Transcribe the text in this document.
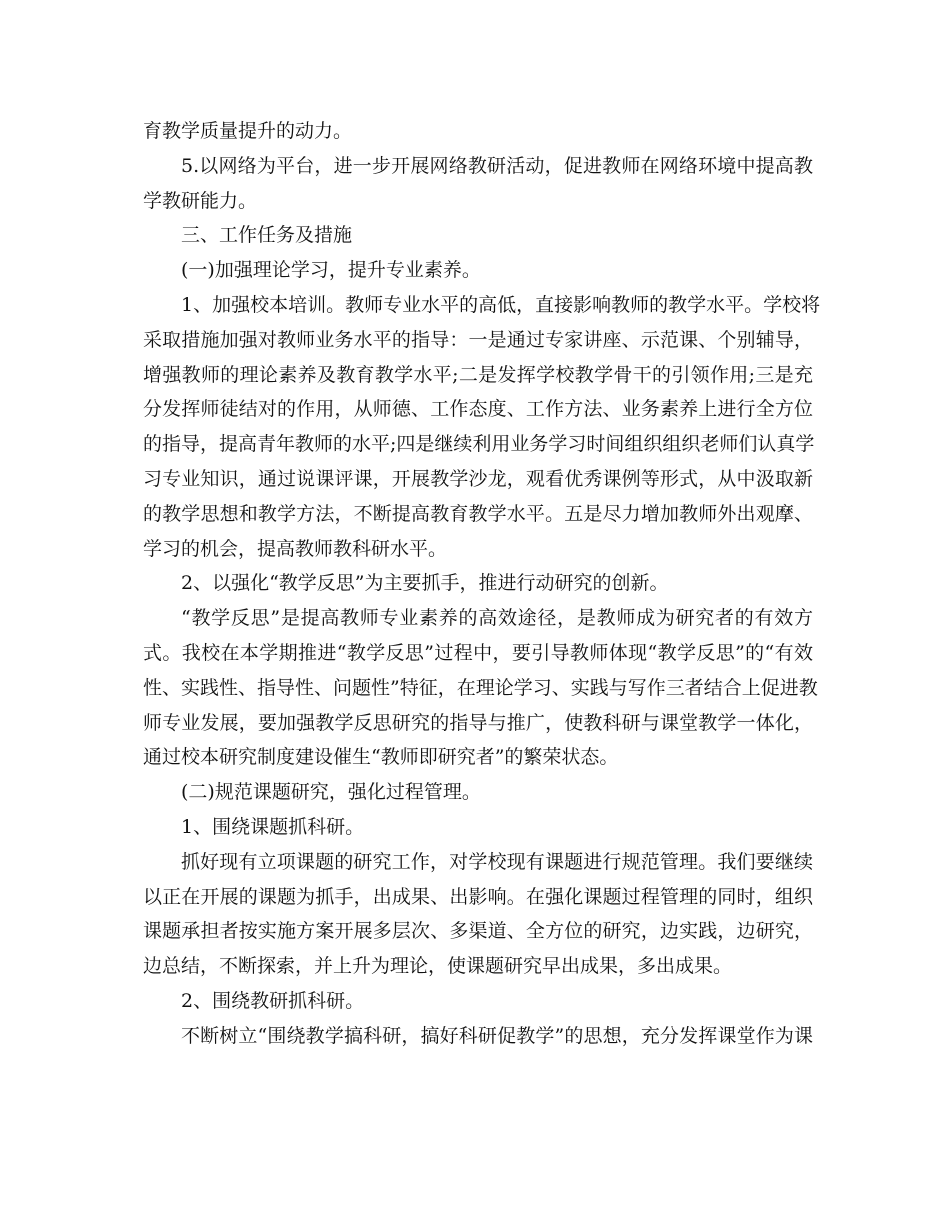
育教学质量提升的动力。
5.以网络为平台，进一步开展网络教研活动，促进教师在网络环境中提高教
学教研能力。
三、工作任务及措施
(一)加强理论学习，提升专业素养。
1、加强校本培训。教师专业水平的高低，直接影响教师的教学水平。学校将
采取措施加强对教师业务水平的指导：一是通过专家讲座、示范课、个别辅导，
增强教师的理论素养及教育教学水平;二是发挥学校教学骨干的引领作用;三是充
分发挥师徒结对的作用，从师德、工作态度、工作方法、业务素养上进行全方位
的指导，提高青年教师的水平;四是继续利用业务学习时间组织组织老师们认真学
习专业知识，通过说课评课，开展教学沙龙，观看优秀课例等形式，从中汲取新
的教学思想和教学方法，不断提高教育教学水平。五是尽力增加教师外出观摩、
学习的机会，提高教师教科研水平。
2、以强化“教学反思”为主要抓手，推进行动研究的创新。
“教学反思”是提高教师专业素养的高效途径，是教师成为研究者的有效方
式。我校在本学期推进“教学反思”过程中，要引导教师体现“教学反思”的“有效
性、实践性、指导性、问题性”特征，在理论学习、实践与写作三者结合上促进教
师专业发展，要加强教学反思研究的指导与推广，使教科研与课堂教学一体化，
通过校本研究制度建设催生“教师即研究者”的繁荣状态。
(二)规范课题研究，强化过程管理。
1、围绕课题抓科研。
抓好现有立项课题的研究工作，对学校现有课题进行规范管理。我们要继续
以正在开展的课题为抓手，出成果、出影响。在强化课题过程管理的同时，组织
课题承担者按实施方案开展多层次、多渠道、全方位的研究，边实践，边研究，
边总结，不断探索，并上升为理论，使课题研究早出成果，多出成果。
2、围绕教研抓科研。
不断树立“围绕教学搞科研，搞好科研促教学”的思想，充分发挥课堂作为课
